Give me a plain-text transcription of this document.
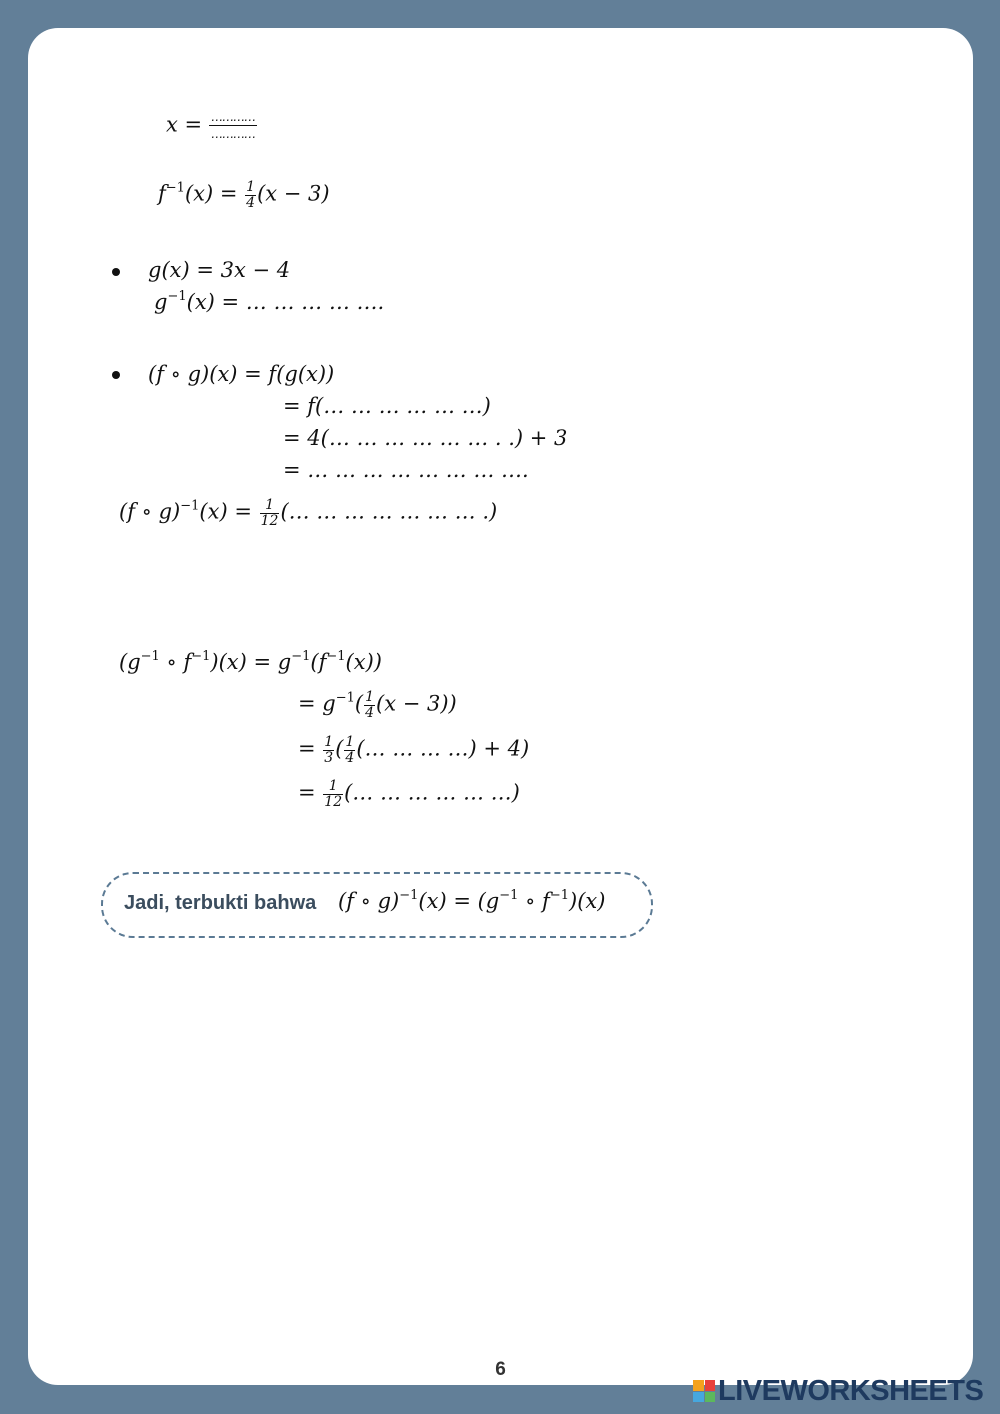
$x = \frac{\dots\dots\dots\dots}{\dots\dots\dots\dots}$
$f^{-1}(x) = \frac{1}{4} (x - 3)$
g(x) = 3x − 4
$g^{-1}(x)$ = … … … … ….
(f ∘ g)(x) = f(g(x))
= f(… … … … … …)
= 4(… … … … … … . .) + 3
= … … … … … … … ….
(f ∘ $g)^{-1}(x) = \frac{1}{12}$ (… … … … … … … .)
($g^{-1}$ ∘ $f^{-1})(x) = g^{-1}(f^{-1}(x))$
= $g^{-1}( \frac{1}{4} (x - 3))$
= $\frac{1}{3}$ ( $\frac{1}{4}$ (… … … …) + 4)
= $\frac{1}{12}$ (… … … … … …)
Jadi, terbukti bahwa (f ∘ $g)^{-1}(x) = (g^{-1}$ ∘ $f^{-1})(x)$
6
LIVEWORKSHEETS
